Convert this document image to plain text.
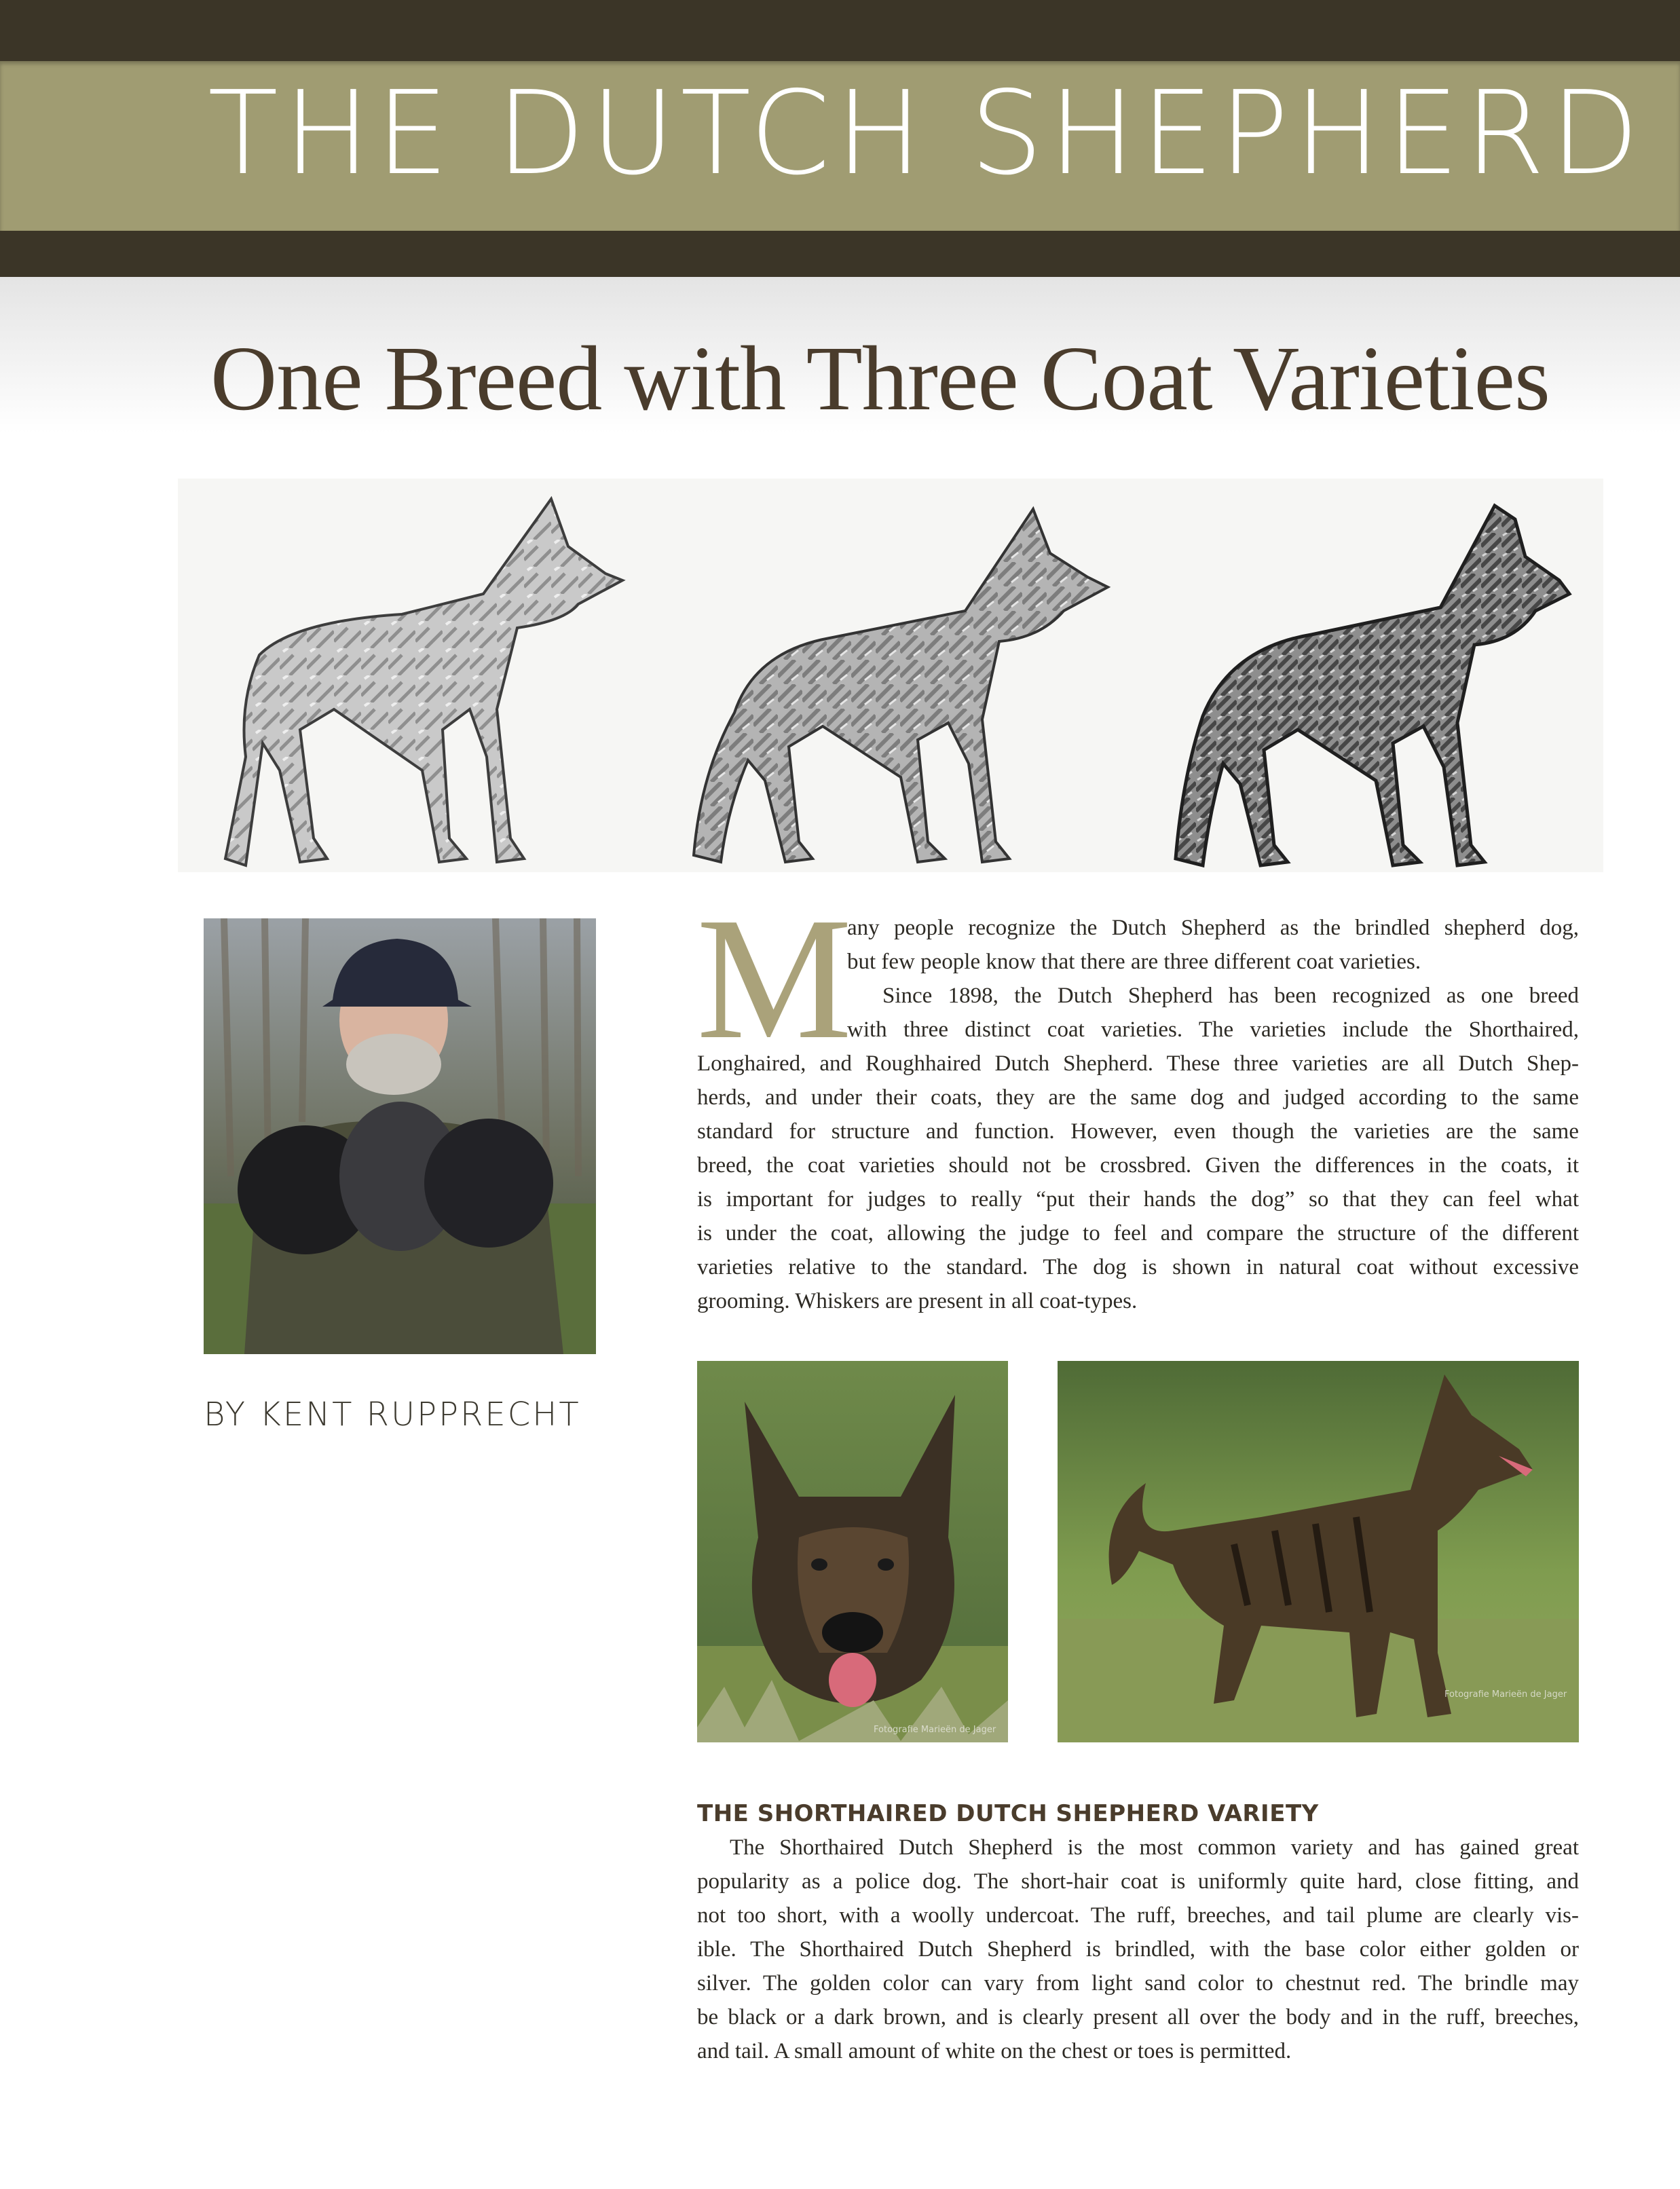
THE DUTCH SHEPHERD
One Breed with Three Coat Varieties
BY KENT RUPPRECHT
M
any people recognize the Dutch Shepherd as the brindled shepherd dog,
but few people know that there are three different coat varieties.
Since 1898, the Dutch Shepherd has been recognized as one breed
with three distinct coat varieties. The varieties include the Shorthaired,
Longhaired, and Roughhaired Dutch Shepherd. These three varieties are all Dutch Shep-
herds, and under their coats, they are the same dog and judged according to the same
standard for structure and function. However, even though the varieties are the same
breed, the coat varieties should not be crossbred. Given the differences in the coats, it
is important for judges to really “put their hands the dog” so that they can feel what
is under the coat, allowing the judge to feel and compare the structure of the different
varieties relative to the standard. The dog is shown in natural coat without excessive
grooming. Whiskers are present in all coat-types.
Fotografie Marieën de Jager
Fotografie Marieën de Jager
THE SHORTHAIRED DUTCH SHEPHERD VARIETY
The Shorthaired Dutch Shepherd is the most common variety and has gained great
popularity as a police dog. The short-hair coat is uniformly quite hard, close fitting, and
not too short, with a woolly undercoat. The ruff, breeches, and tail plume are clearly vis-
ible. The Shorthaired Dutch Shepherd is brindled, with the base color either golden or
silver. The golden color can vary from light sand color to chestnut red. The brindle may
be black or a dark brown, and is clearly present all over the body and in the ruff, breeches,
and tail. A small amount of white on the chest or toes is permitted.
